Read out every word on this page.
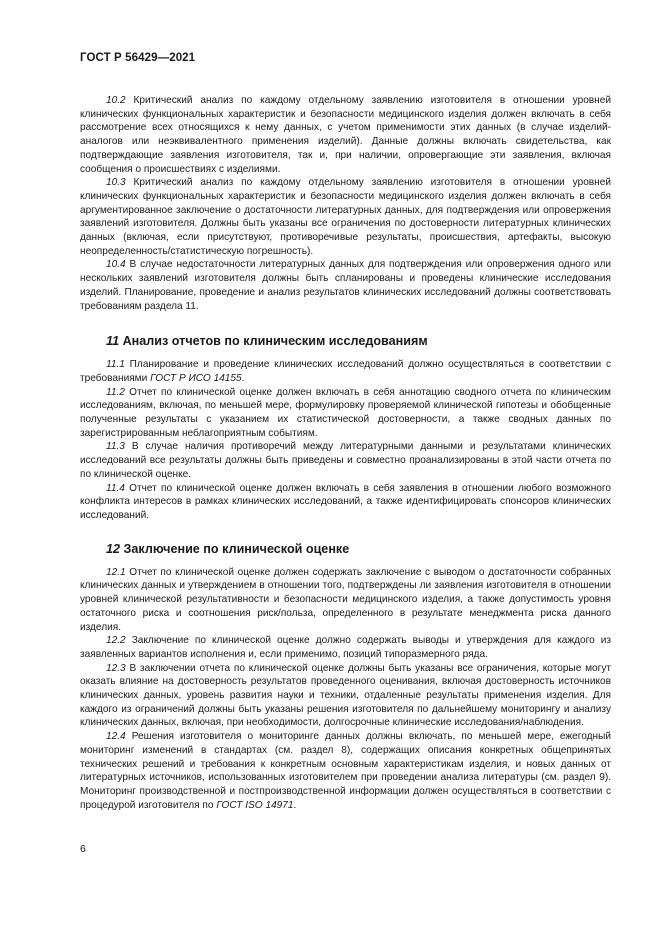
ГОСТ Р 56429—2021

10.2 Критический анализ по каждому отдельному заявлению изготовителя в отношении уровней клинических функциональных характеристик и безопасности медицинского изделия должен включать в себя рассмотрение всех относящихся к нему данных, с учетом применимости этих данных (в случае изделий-аналогов или неэквивалентного применения изделий). Данные должны включать свидетельства, как подтверждающие заявления изготовителя, так и, при наличии, опровергающие эти заявления, включая сообщения о происшествиях с изделиями.

10.3 Критический анализ по каждому отдельному заявлению изготовителя в отношении уровней клинических функциональных характеристик и безопасности медицинского изделия должен включать в себя аргументированное заключение о достаточности литературных данных, для подтверждения или опровержения заявлений изготовителя. Должны быть указаны все ограничения по достоверности литературных клинических данных (включая, если присутствуют, противоречивые результаты, происшествия, артефакты, высокую неопределенность/статистическую погрешность).

10.4 В случае недостаточности литературных данных для подтверждения или опровержения одного или нескольких заявлений изготовителя должны быть спланированы и проведены клинические исследования изделий. Планирование, проведение и анализ результатов клинических исследований должны соответствовать требованиям раздела 11.

11 Анализ отчетов по клиническим исследованиям

11.1 Планирование и проведение клинических исследований должно осуществляться в соответствии с требованиями ГОСТ Р ИСО 14155.

11.2 Отчет по клинической оценке должен включать в себя аннотацию сводного отчета по клиническим исследованиям, включая, по меньшей мере, формулировку проверяемой клинической гипотезы и обобщенные полученные результаты с указанием их статистической достоверности, а также сводных данных по зарегистрированным неблагоприятным событиям.

11.3 В случае наличия противоречий между литературными данными и результатами клинических исследований все результаты должны быть приведены и совместно проанализированы в этой части отчета по по клинической оценке.

11.4 Отчет по клинической оценке должен включать в себя заявления в отношении любого возможного конфликта интересов в рамках клинических исследований, а также идентифицировать спонсоров клинических исследований.

12 Заключение по клинической оценке

12.1 Отчет по клинической оценке должен содержать заключение с выводом о достаточности собранных клинических данных и утверждением в отношении того, подтверждены ли заявления изготовителя в отношении уровней клинической результативности и безопасности медицинского изделия, а также допустимость уровня остаточного риска и соотношения риск/польза, определенного в результате менеджмента риска данного изделия.

12.2 Заключение по клинической оценке должно содержать выводы и утверждения для каждого из заявленных вариантов исполнения и, если применимо, позиций типоразмерного ряда.

12.3 В заключении отчета по клинической оценке должны быть указаны все ограничения, которые могут оказать влияние на достоверность результатов проведенного оценивания, включая достоверность источников клинических данных, уровень развития науки и техники, отдаленные результаты применения изделия. Для каждого из ограничений должны быть указаны решения изготовителя по дальнейшему мониторингу и анализу клинических данных, включая, при необходимости, долгосрочные клинические исследования/наблюдения.

12.4 Решения изготовителя о мониторинге данных должны включать, по меньшей мере, ежегодный мониторинг изменений в стандартах (см. раздел 8), содержащих описания конкретных общепринятых технических решений и требования к конкретным основным характеристикам изделия, и новых данных от литературных источников, использованных изготовителем при проведении анализа литературы (см. раздел 9). Мониторинг производственной и постпроизводственной информации должен осуществляться в соответствии с процедурой изготовителя по ГОСТ ISO 14971.

6
